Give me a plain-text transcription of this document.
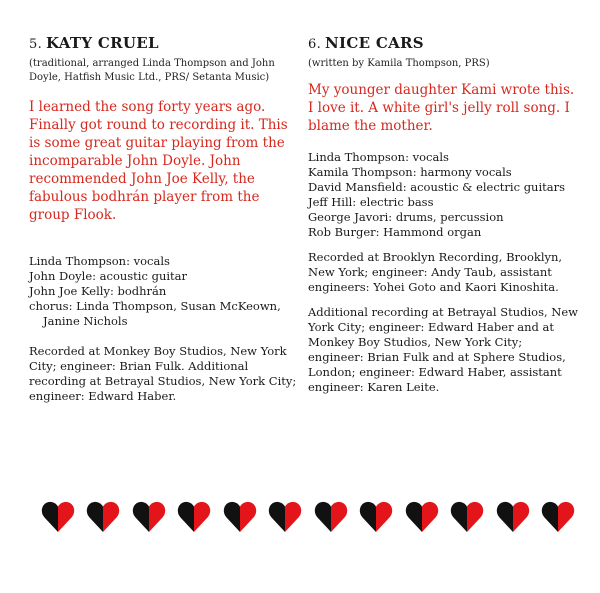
5. KATY CRUEL

(traditional, arranged Linda Thompson and John Doyle, Hatfish Music Ltd., PRS/ Setanta Music)

I learned the song forty years ago. Finally got round to recording it. This is some great guitar playing from the incomparable John Doyle. John recommended John Joe Kelly, the fabulous bodhrán player from the group Flook.

Linda Thompson: vocals
John Doyle: acoustic guitar
John Joe Kelly: bodhrán
chorus: Linda Thompson, Susan McKeown, Janine Nichols

Recorded at Monkey Boy Studios, New York City; engineer: Brian Fulk. Additional recording at Betrayal Studios, New York City; engineer: Edward Haber.

6. NICE CARS

(written by Kamila Thompson, PRS)

My younger daughter Kami wrote this. I love it. A white girl's jelly roll song. I blame the mother.

Linda Thompson: vocals
Kamila Thompson: harmony vocals
David Mansfield: acoustic & electric guitars
Jeff Hill: electric bass
George Javori: drums, percussion
Rob Burger: Hammond organ

Recorded at Brooklyn Recording, Brooklyn, New York; engineer: Andy Taub, assistant engineers: Yohei Goto and Kaori Kinoshita.

Additional recording at Betrayal Studios, New York City; engineer: Edward Haber and at Monkey Boy Studios, New York City; engineer: Brian Fulk and at Sphere Studios, London; engineer: Edward Haber, assistant engineer: Karen Leite.
